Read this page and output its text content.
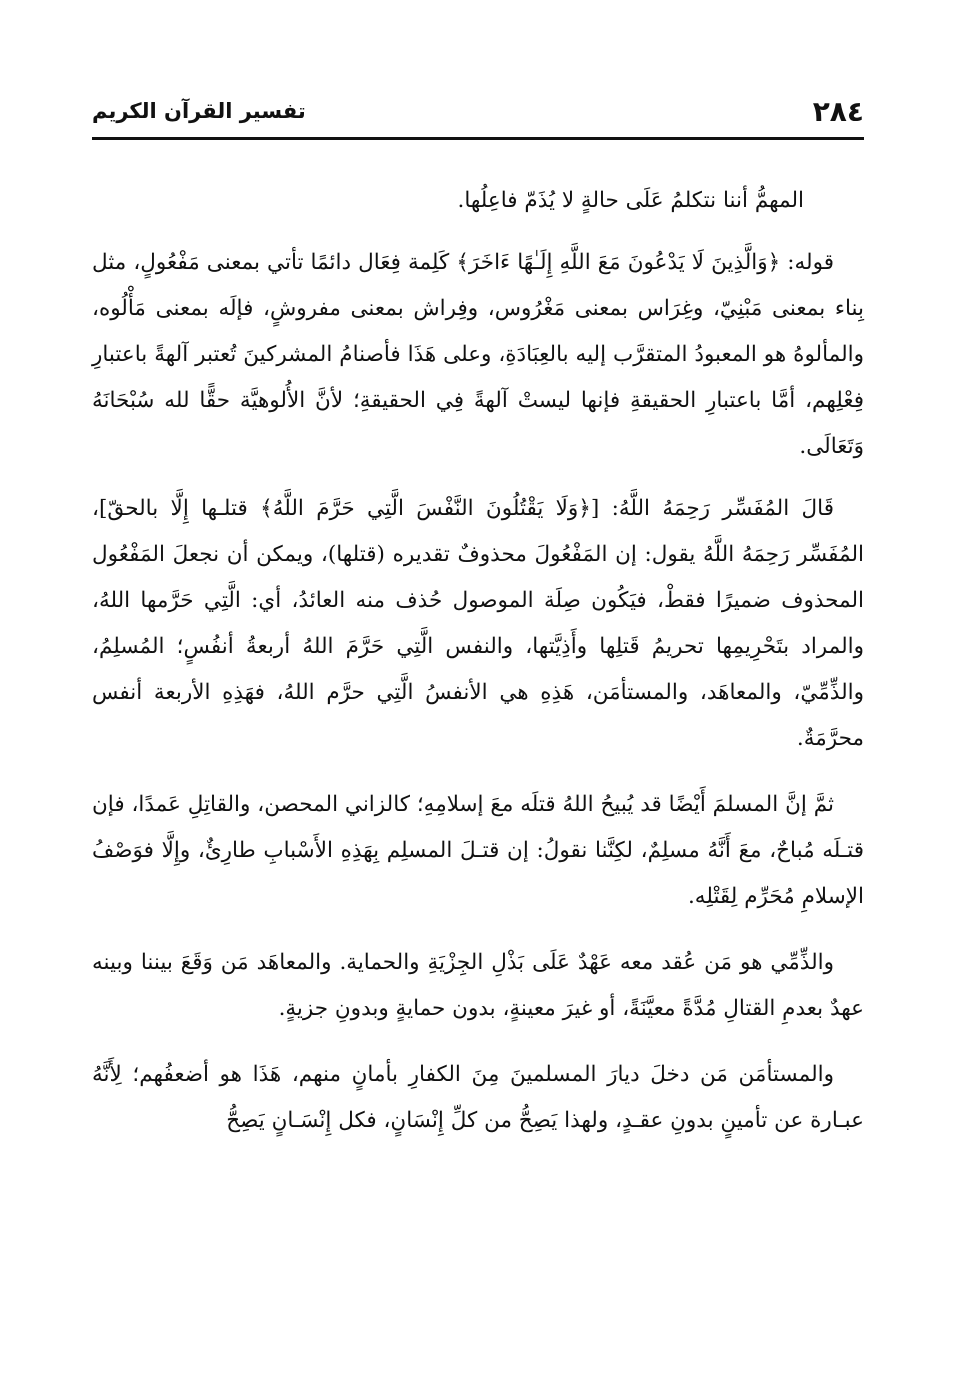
تفسير القرآن الكريم	٢٨٤

المهمُّ أننا نتكلمُ عَلَى حالةٍ لا يُذَمّ فاعِلُها.

قوله: ﴿وَالَّذِينَ لَا يَدْعُونَ مَعَ اللَّهِ إِلَـٰهًا ءَاخَرَ﴾ كَلِمة فِعَال دائمًا تأتي بمعنى مَفْعُولٍ، مثل بِناء بمعنى مَبْنِيّ، وغِرَاس بمعنى مَغْرُوس، وفِراش بمعنى مفروشٍ، فإلَه بمعنى مَأْلُوه، والمألوهُ هو المعبودُ المتقرَّب إليه بالعِبَادَةِ، وعلى هَذَا فأصنامُ المشركينَ تُعتبر آلهةً باعتبارِ فِعْلِهم، أمَّا باعتبارِ الحقيقةِ فإنها ليستْ آلهةً فِي الحقيقةِ؛ لأنَّ الأُلوهيَّة حقًّا لله سُبْحَانَهُ وَتَعَالَى.

قَالَ المُفَسِّر رَحِمَهُ اللَّهُ: [﴿وَلَا يَقْتُلُونَ النَّفْسَ الَّتِي حَرَّمَ اللَّهُ﴾ قتلـها إِلَّا بالحقّ]، المُفَسِّر رَحِمَهُ اللَّهُ يقول: إن المَفْعُولَ محذوفٌ تقديره (قتلها)، ويمكن أن نجعلَ المَفْعُول المحذوف ضميرًا فقطْ، فيَكُون صِلَة الموصول حُذف منه العائدُ، أي: الَّتِي حَرَّمها اللهُ، والمراد بتَحْرِيمِها تحريمُ قَتلِها وأَذِيَّتها، والنفس الَّتِي حَرَّمَ اللهُ أربعةُ أنفُسٍ؛ المُسلِمُ، والذِّمِّيّ، والمعاهَد، والمستأمَن، هَذِهِ هي الأنفسُ الَّتِي حرَّم اللهُ، فهَذِهِ الأربعة أنفس محرَّمَةٌ.

ثمَّ إنَّ المسلمَ أَيْضًا قد يُبيحُ اللهُ قتلَه معَ إسلامِهِ؛ كالزاني المحصن، والقاتِلِ عَمدًا، فإن قتـلَه مُباحٌ، معَ أَنَّهُ مسلِمٌ، لكِنَّنا نقولُ: إن قتـلَ المسلِم بِهَذِهِ الأَسْبابِ طارِئٌ، وإِلَّا فوَصْفُ الإسلامِ مُحَرِّم لِقَتْلِه.

والذِّمِّي هو مَن عُقد معه عَهْدٌ عَلَى بَذْلِ الجِزْيَةِ والحماية. والمعاهَد مَن وَقَعَ بيننا وبينه عهدٌ بعدمِ القتالِ مُدَّةً معيَّنَةً، أو غيرَ معينةٍ، بدون حمايةٍ وبدونِ جزيةٍ.

والمستأمَن مَن دخلَ ديارَ المسلمينَ مِنَ الكفارِ بأمانٍ منهم، هَذَا هو أضعفُهم؛ لِأَنَّهُ عبـارة عن تأمينٍ بدونِ عقـدٍ، ولهذا يَصِحُّ من كلِّ إِنْسَانٍ، فكل إِنْسَـانٍ يَصِحُّ
